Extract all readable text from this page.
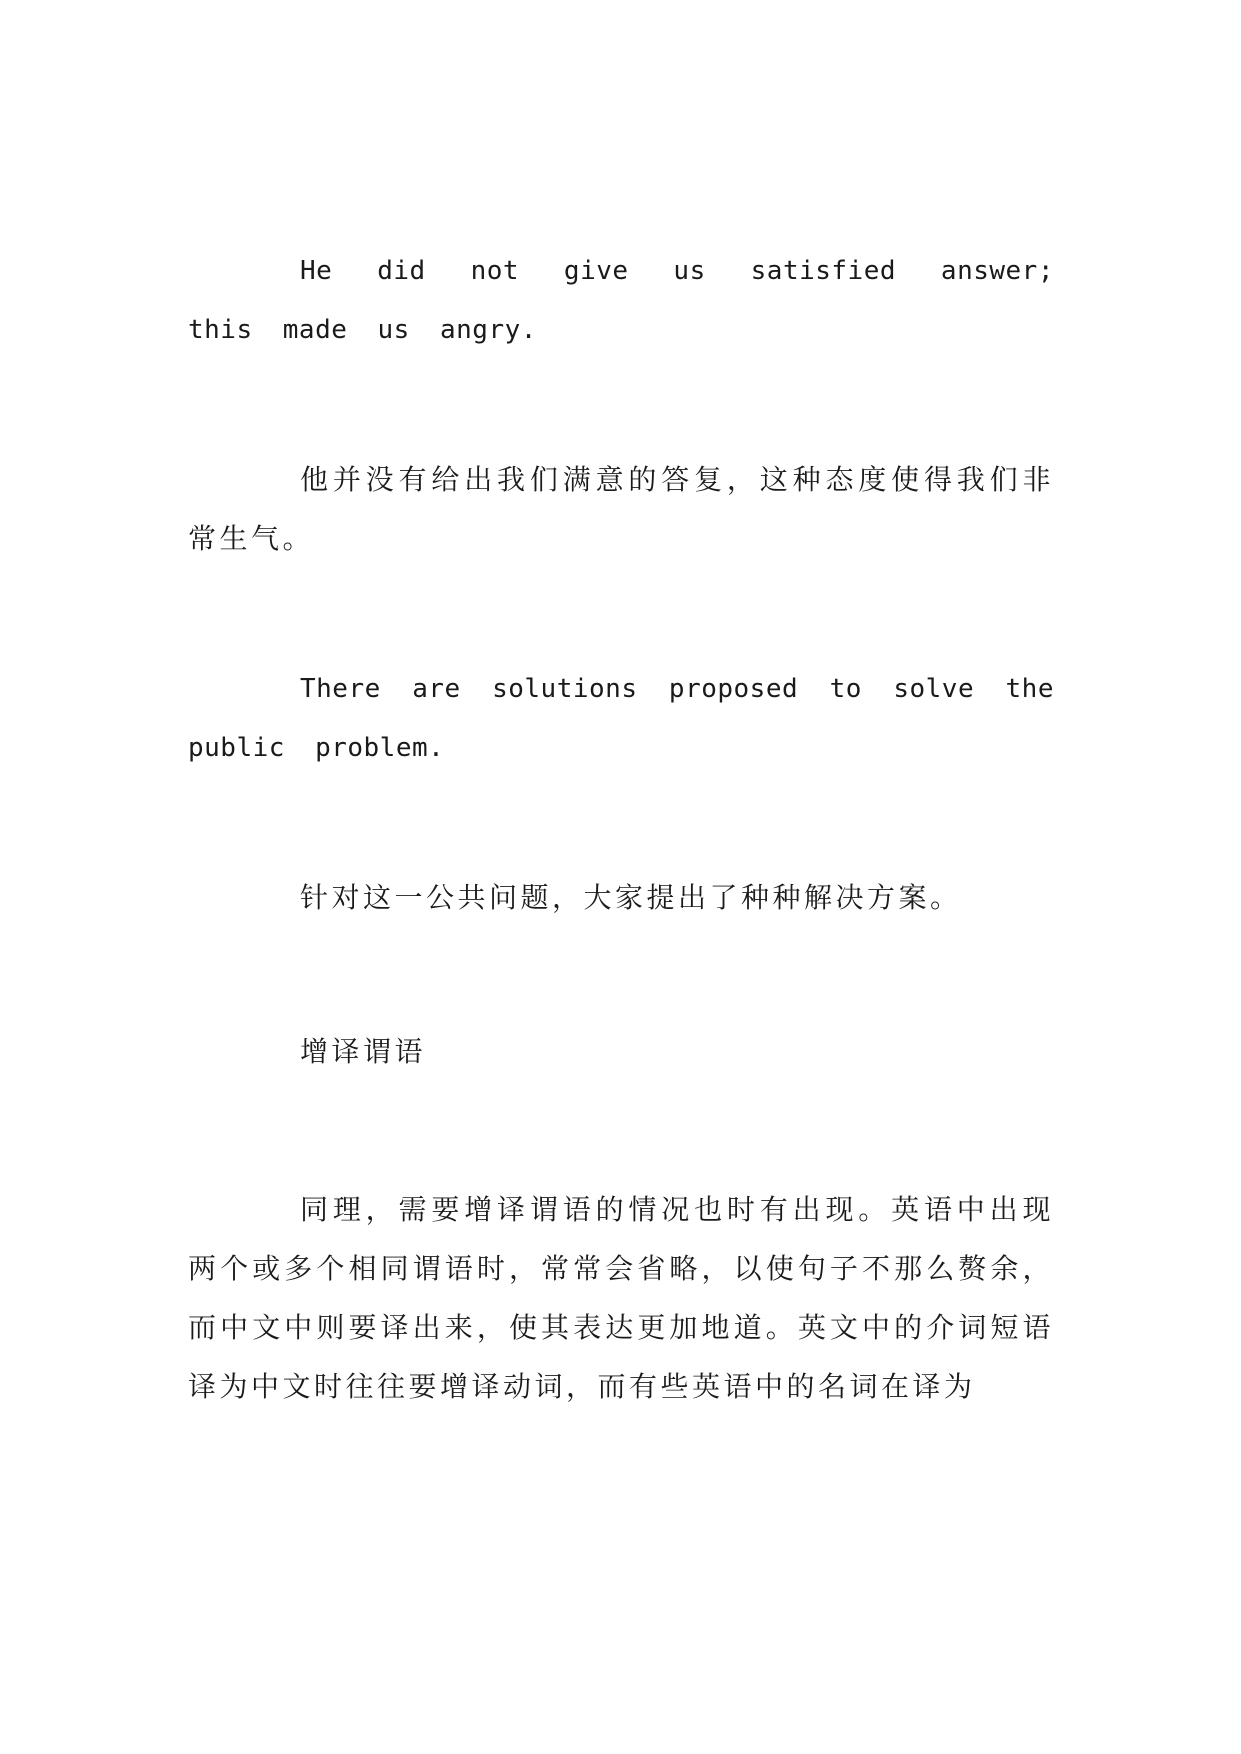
He did not give us satisfied answer; this made us angry.

他并没有给出我们满意的答复，这种态度使得我们非常生气。

There are solutions proposed to solve the public problem.

针对这一公共问题，大家提出了种种解决方案。

增译谓语

同理，需要增译谓语的情况也时有出现。英语中出现两个或多个相同谓语时，常常会省略，以使句子不那么赘余，而中文中则要译出来，使其表达更加地道。英文中的介词短语译为中文时往往要增译动词，而有些英语中的名词在译为
